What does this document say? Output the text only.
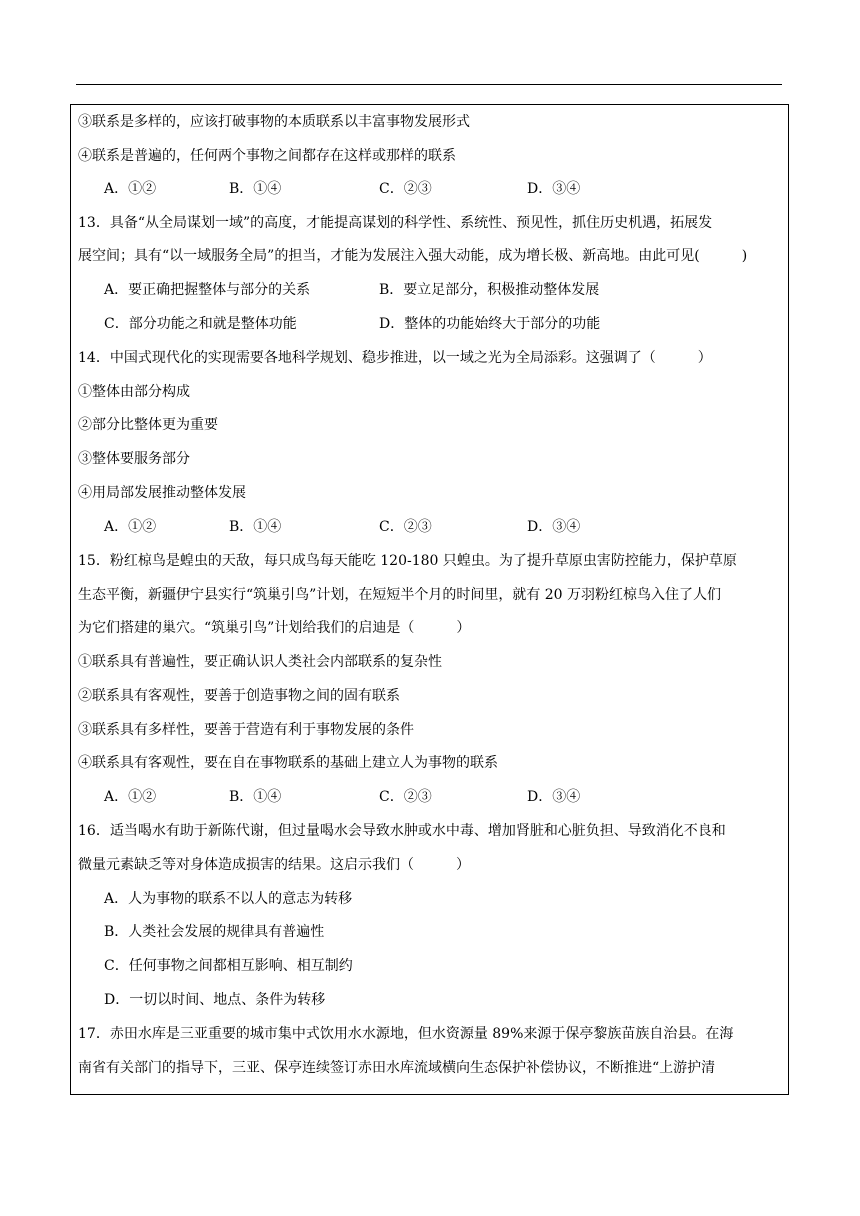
③联系是多样的，应该打破事物的本质联系以丰富事物发展形式
④联系是普遍的，任何两个事物之间都存在这样或那样的联系
A．①②	B．①④	C．②③	D．③④
13．具备“从全局谋划一域”的高度，才能提高谋划的科学性、系统性、预见性，抓住历史机遇，拓展发
展空间；具有“以一域服务全局”的担当，才能为发展注入强大动能，成为增长极、新高地。由此可见(　　　)
A．要正确把握整体与部分的关系	B．要立足部分，积极推动整体发展
C．部分功能之和就是整体功能	D．整体的功能始终大于部分的功能
14．中国式现代化的实现需要各地科学规划、稳步推进，以一域之光为全局添彩。这强调了（　　　）
①整体由部分构成
②部分比整体更为重要
③整体要服务部分
④用局部发展推动整体发展
A．①②	B．①④	C．②③	D．③④
15．粉红椋鸟是蝗虫的天敌，每只成鸟每天能吃 120-180 只蝗虫。为了提升草原虫害防控能力，保护草原
生态平衡，新疆伊宁县实行“筑巢引鸟”计划，在短短半个月的时间里，就有 20 万羽粉红椋鸟入住了人们
为它们搭建的巢穴。“筑巢引鸟”计划给我们的启迪是（　　　）
①联系具有普遍性，要正确认识人类社会内部联系的复杂性
②联系具有客观性，要善于创造事物之间的固有联系
③联系具有多样性，要善于营造有利于事物发展的条件
④联系具有客观性，要在自在事物联系的基础上建立人为事物的联系
A．①②	B．①④	C．②③	D．③④
16．适当喝水有助于新陈代谢，但过量喝水会导致水肿或水中毒、增加肾脏和心脏负担、导致消化不良和
微量元素缺乏等对身体造成损害的结果。这启示我们（　　　）
A．人为事物的联系不以人的意志为转移
B．人类社会发展的规律具有普遍性
C．任何事物之间都相互影响、相互制约
D．一切以时间、地点、条件为转移
17．赤田水库是三亚重要的城市集中式饮用水水源地，但水资源量 89%来源于保亭黎族苗族自治县。在海
南省有关部门的指导下，三亚、保亭连续签订赤田水库流域横向生态保护补偿协议，不断推进“上游护清
